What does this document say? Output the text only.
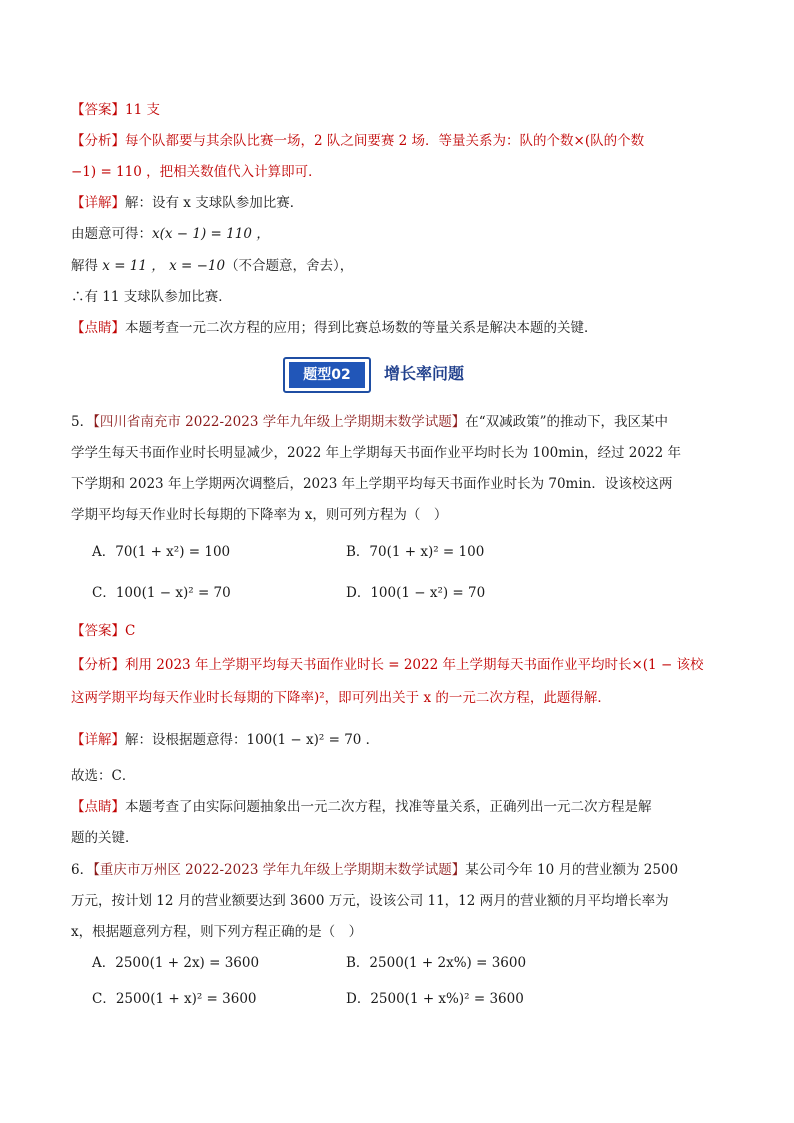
【答案】11 支
【分析】每个队都要与其余队比赛一场，2 队之间要赛 2 场．等量关系为：队的个数×(队的个数
−1) = 110 ，把相关数值代入计算即可．
【详解】解：设有 x 支球队参加比赛．
由题意可得：x(x − 1) = 110 ，
解得 x = 11 ， x = −10（不合题意，舍去），
∴有 11 支球队参加比赛．
【点睛】本题考查一元二次方程的应用；得到比赛总场数的等量关系是解决本题的关键．
题型02	增长率问题
5．【四川省南充市 2022-2023 学年九年级上学期期末数学试题】在“双减政策”的推动下，我区某中
学学生每天书面作业时长明显减少，2022 年上学期每天书面作业平均时长为 100min，经过 2022 年
下学期和 2023 年上学期两次调整后，2023 年上学期平均每天书面作业时长为 70min．设该校这两
学期平均每天作业时长每期的下降率为 x，则可列方程为（　）
A．70(1 + x²) = 100	B．70(1 + x)² = 100
C．100(1 − x)² = 70	D．100(1 − x²) = 70
【答案】C
【分析】利用 2023 年上学期平均每天书面作业时长 = 2022 年上学期每天书面作业平均时长×(1 − 该校
这两学期平均每天作业时长每期的下降率)²，即可列出关于 x 的一元二次方程，此题得解．
【详解】解：设根据题意得：100(1 − x)² = 70 ．
故选：C．
【点睛】本题考查了由实际问题抽象出一元二次方程，找准等量关系，正确列出一元二次方程是解
题的关键．
6．【重庆市万州区 2022-2023 学年九年级上学期期末数学试题】某公司今年 10 月的营业额为 2500
万元，按计划 12 月的营业额要达到 3600 万元，设该公司 11，12 两月的营业额的月平均增长率为
x，根据题意列方程，则下列方程正确的是（　）
A．2500(1 + 2x) = 3600	B．2500(1 + 2x%) = 3600
C．2500(1 + x)² = 3600	D．2500(1 + x%)² = 3600
